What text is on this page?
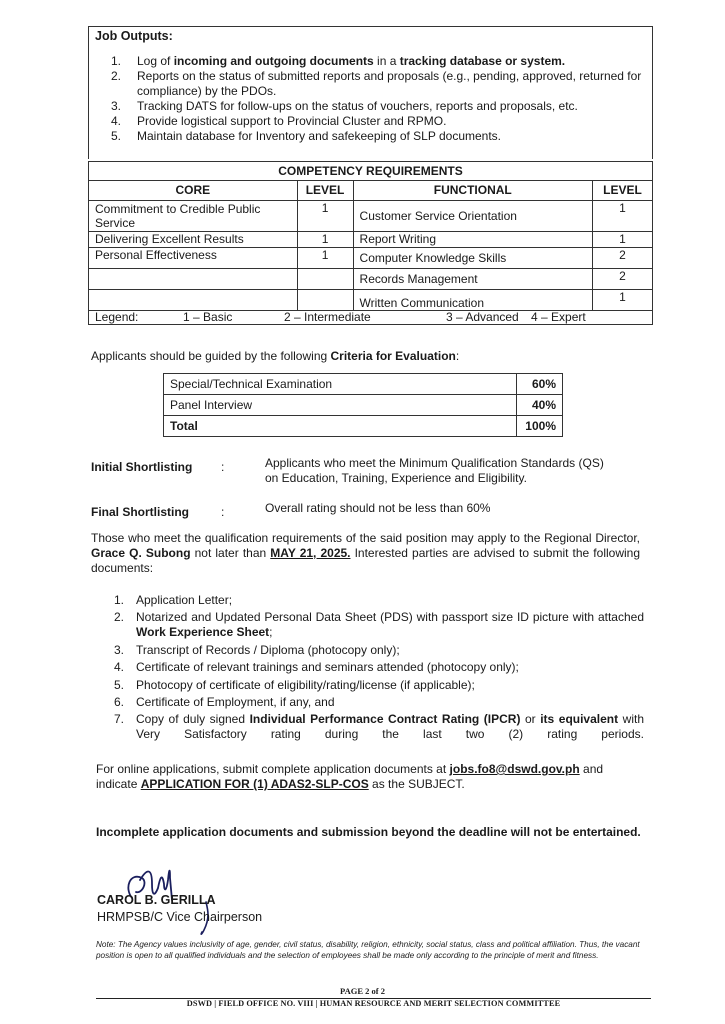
Job Outputs:
1. Log of incoming and outgoing documents in a tracking database or system.
2. Reports on the status of submitted reports and proposals (e.g., pending, approved, returned for compliance) by the PDOs.
3. Tracking DATS for follow-ups on the status of vouchers, reports and proposals, etc.
4. Provide logistical support to Provincial Cluster and RPMO.
5. Maintain database for Inventory and safekeeping of SLP documents.
COMPETENCY REQUIREMENTS			
CORE	LEVEL	FUNCTIONAL	LEVEL
Commitment to Credible Public Service	1	Customer Service Orientation	1
Delivering Excellent Results	1	Report Writing	1
Personal Effectiveness	1	Computer Knowledge Skills	2
		Records Management	2
		Written Communication	1

Legend: 1 – Basic 2 – Intermediate 3 – Advanced 4 – Expert			
Applicants should be guided by the following Criteria for Evaluation:
Special/Technical Examination	60%
Panel Interview	40%
Total	100%
Initial Shortlisting :	Applicants who meet the Minimum Qualification Standards (QS) on Education, Training, Experience and Eligibility.
Final Shortlisting	:	Overall rating should not be less than 60%
Those who meet the qualification requirements of the said position may apply to the Regional Director, Grace Q. Subong not later than MAY 21, 2025. Interested parties are advised to submit the following documents:
1. Application Letter;
2. Notarized and Updated Personal Data Sheet (PDS) with passport size ID picture with attached Work Experience Sheet;
3. Transcript of Records / Diploma (photocopy only);
4. Certificate of relevant trainings and seminars attended (photocopy only);
5. Photocopy of certificate of eligibility/rating/license (if applicable);
6. Certificate of Employment, if any, and
7. Copy of duly signed Individual Performance Contract Rating (IPCR) or its equivalent with Very Satisfactory rating during the last two (2) rating periods.
For online applications, submit complete application documents at jobs.fo8@dswd.gov.ph and indicate APPLICATION FOR (1) ADAS2-SLP-COS as the SUBJECT.
Incomplete application documents and submission beyond the deadline will not be entertained.
CAROL B. GERILLA
HRMPSB/C Vice Chairperson
Note: The Agency values inclusivity of age, gender, civil status, disability, religion, ethnicity, social status, class and political affiliation. Thus, the vacant position is open to all qualified individuals and the selection of employees shall be made only according to the principle of merit and fitness.
PAGE 2 of 2
DSWD | FIELD OFFICE NO. VIII | HUMAN RESOURCE AND MERIT SELECTION COMMITTEE
